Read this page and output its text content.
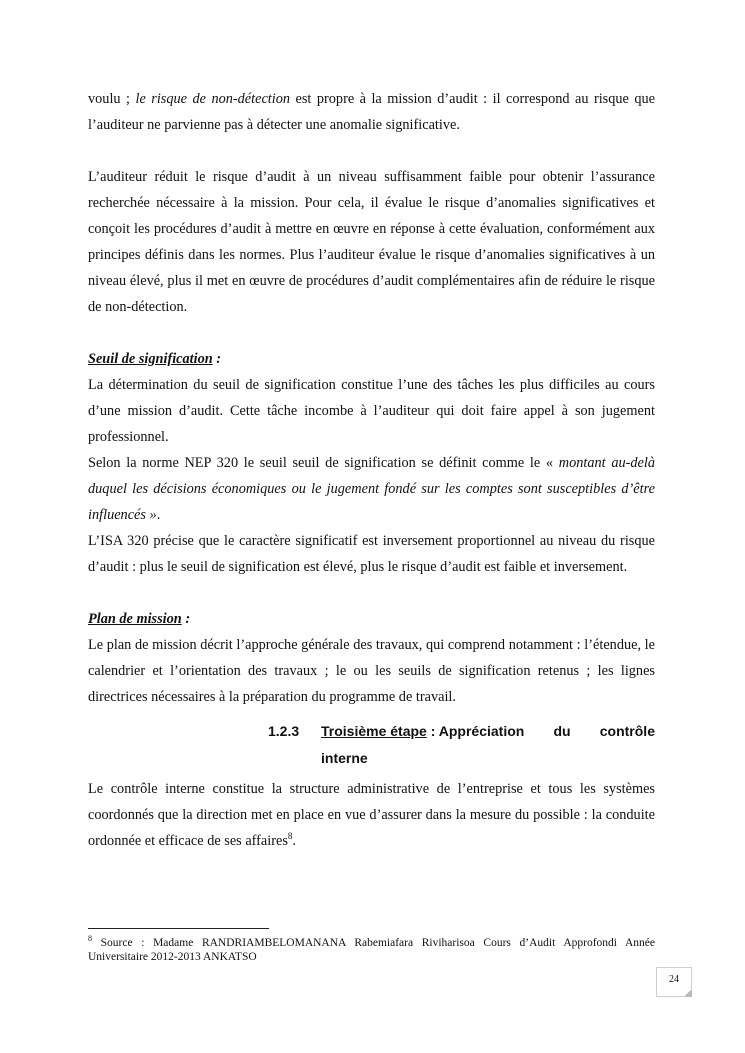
voulu ; le risque de non-détection est propre à la mission d’audit : il correspond au risque que l’auditeur ne parvienne pas à détecter une anomalie significative.

L’auditeur réduit le risque d’audit à un niveau suffisamment faible pour obtenir l’assurance recherchée nécessaire à la mission. Pour cela, il évalue le risque d’anomalies significatives et conçoit les procédures d’audit à mettre en œuvre en réponse à cette évaluation, conformément aux principes définis dans les normes. Plus l’auditeur évalue le risque d’anomalies significatives à un niveau élevé, plus il met en œuvre de procédures d’audit complémentaires afin de réduire le risque de non-détection.

Seuil de signification :

La détermination du seuil de signification constitue l’une des tâches les plus difficiles au cours d’une mission d’audit. Cette tâche incombe à l’auditeur qui doit faire appel à son jugement professionnel.

Selon la norme NEP 320 le seuil seuil de signification se définit comme le « montant au-delà duquel les décisions économiques ou le jugement fondé sur les comptes sont susceptibles d’être influencés ».

L’ISA 320 précise que le caractère significatif est inversement proportionnel au niveau du risque d’audit : plus le seuil de signification est élevé, plus le risque d’audit est faible et inversement.

Plan de mission :

Le plan de mission décrit l’approche générale des travaux, qui comprend notamment : l’étendue, le calendrier et l’orientation des travaux ; le ou les seuils de signification retenus ; les lignes directrices nécessaires à la préparation du programme de travail.

1.2.3 Troisième étape : Appréciation du contrôle
interne

Le contrôle interne constitue la structure administrative de l’entreprise et tous les systèmes coordonnés que la direction met en place en vue d’assurer dans la mesure du possible : la conduite ordonnée et efficace de ses affaires$^8$.

$^8$ Source : Madame RANDRIAMBELOMANANA Rabemiafara Riviharisoa Cours d’Audit Approfondi Année Universitaire 2012-2013 ANKATSO
24
